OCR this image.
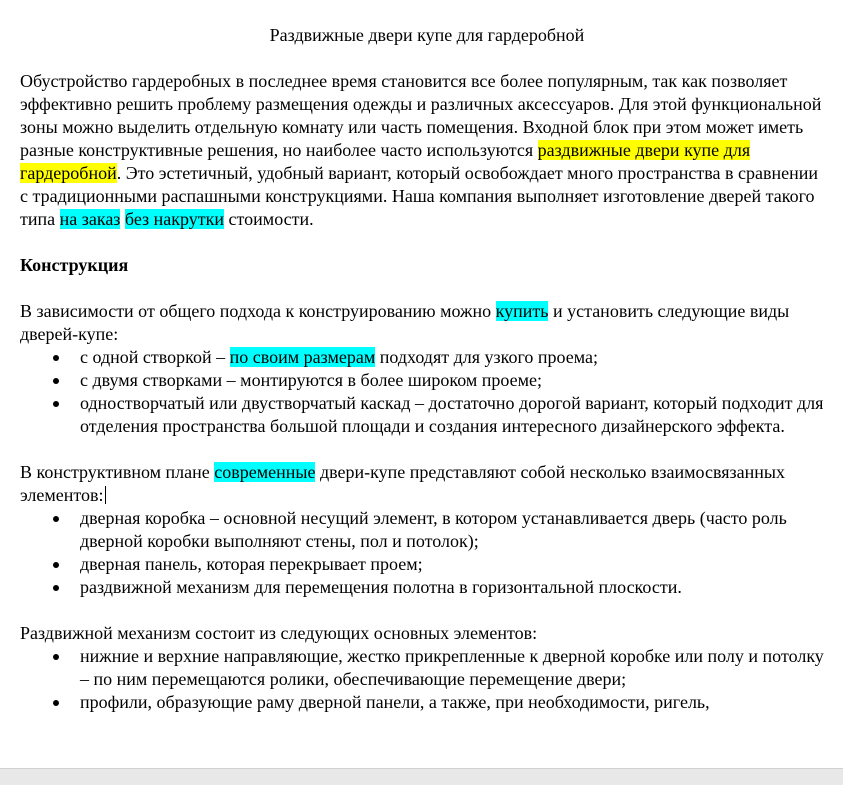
Раздвижные двери купе для гардеробной

Обустройство гардеробных в последнее время становится все более популярным, так как позволяет эффективно решить проблему размещения одежды и различных аксессуаров. Для этой функциональной зоны можно выделить отдельную комнату или часть помещения. Входной блок при этом может иметь разные конструктивные решения, но наиболее часто используются раздвижные двери купе для гардеробной. Это эстетичный, удобный вариант, который освобождает много пространства в сравнении с традиционными распашными конструкциями. Наша компания выполняет изготовление дверей такого типа на заказ без накрутки стоимости.

Конструкция

В зависимости от общего подхода к конструированию можно купить и установить следующие виды дверей-купе:

с одной створкой – по своим размерам подходят для узкого проема;
с двумя створками – монтируются в более широком проеме;
одностворчатый или двустворчатый каскад – достаточно дорогой вариант, который подходит для отделения пространства большой площади и создания интересного дизайнерского эффекта.

В конструктивном плане современные двери-купе представляют собой несколько взаимосвязанных элементов:

дверная коробка – основной несущий элемент, в котором устанавливается дверь (часто роль дверной коробки выполняют стены, пол и потолок);
дверная панель, которая перекрывает проем;
раздвижной механизм для перемещения полотна в горизонтальной плоскости.

Раздвижной механизм состоит из следующих основных элементов:

нижние и верхние направляющие, жестко прикрепленные к дверной коробке или полу и потолку – по ним перемещаются ролики, обеспечивающие перемещение двери;
профили, образующие раму дверной панели, а также, при необходимости, ригель,
